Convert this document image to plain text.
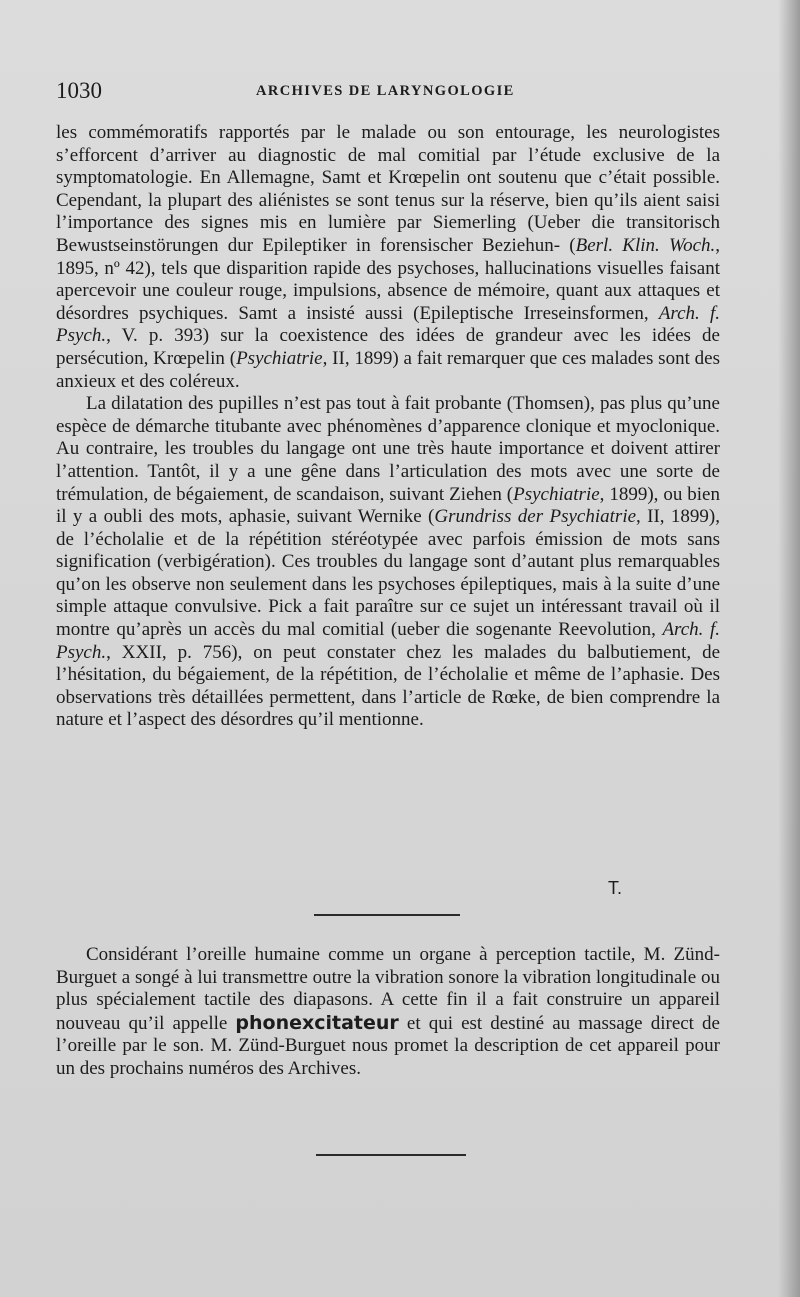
1030	ARCHIVES DE LARYNGOLOGIE

les commémoratifs rapportés par le malade ou son entourage, les neurologistes s’efforcent d’arriver au diagnostic de mal comitial par l’étude exclusive de la symptomatologie. En Allemagne, Samt et Krœpelin ont soutenu que c’était possible. Cependant, la plupart des aliénistes se sont tenus sur la réserve, bien qu’ils aient saisi l’importance des signes mis en lumière par Siemerling (Ueber die transitorisch Bewustseinstörungen dur Epileptiker in forensischer Beziehun- (Berl. Klin. Woch., 1895, nº 42), tels que disparition rapide des psychoses, hallucinations visuelles faisant apercevoir une couleur rouge, impulsions, absence de mémoire, quant aux attaques et désordres psychiques. Samt a insisté aussi (Epileptische Irreseinsformen, Arch. f. Psych., V. p. 393) sur la coexistence des idées de grandeur avec les idées de persécution, Krœpelin (Psychiatrie, II, 1899) a fait remarquer que ces malades sont des anxieux et des coléreux.

La dilatation des pupilles n’est pas tout à fait probante (Thomsen), pas plus qu’une espèce de démarche titubante avec phénomènes d’apparence clonique et myoclonique. Au contraire, les troubles du langage ont une très haute importance et doivent attirer l’attention. Tantôt, il y a une gêne dans l’articulation des mots avec une sorte de trémulation, de bégaiement, de scandaison, suivant Ziehen (Psychiatrie, 1899), ou bien il y a oubli des mots, aphasie, suivant Wernike (Grundriss der Psychiatrie, II, 1899), de l’écholalie et de la répétition stéréotypée avec parfois émission de mots sans signification (verbigération). Ces troubles du langage sont d’autant plus remarquables qu’on les observe non seulement dans les psychoses épileptiques, mais à la suite d’une simple attaque convulsive. Pick a fait paraître sur ce sujet un intéressant travail où il montre qu’après un accès du mal comitial (ueber die sogenante Reevolution, Arch. f. Psych., XXII, p. 756), on peut constater chez les malades du balbutiement, de l’hésitation, du bégaiement, de la répétition, de l’écholalie et même de l’aphasie. Des observations très détaillées permettent, dans l’article de Rœke, de bien comprendre la nature et l’aspect des désordres qu’il mentionne.

T.

Considérant l’oreille humaine comme un organe à perception tactile, M. Zünd-Burguet a songé à lui transmettre outre la vibration sonore la vibration longitudinale ou plus spécialement tactile des diapasons. A cette fin il a fait construire un appareil nouveau qu’il appelle phonexcitateur et qui est destiné au massage direct de l’oreille par le son. M. Zünd-Burguet nous promet la description de cet appareil pour un des prochains numéros des Archives.
